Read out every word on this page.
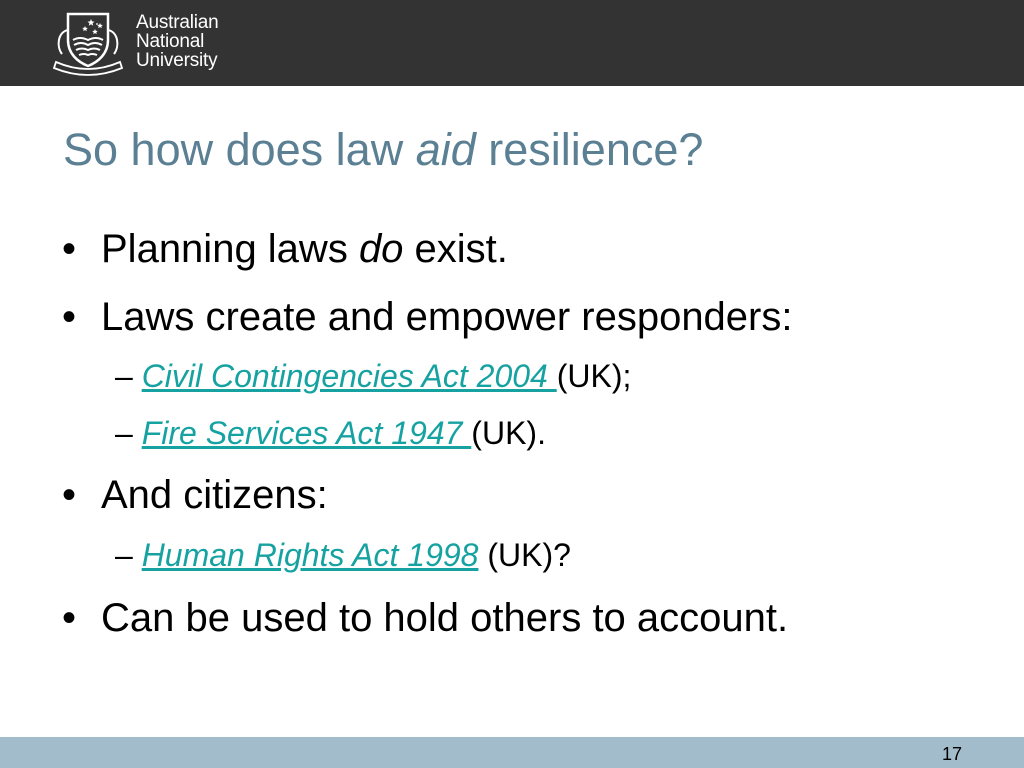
Australian
National
University
So how does law aid resilience?
• Planning laws do exist.
• Laws create and empower responders:
– Civil Contingencies Act 2004 (UK);
– Fire Services Act 1947 (UK).
• And citizens:
– Human Rights Act 1998 (UK)?
• Can be used to hold others to account.
17
